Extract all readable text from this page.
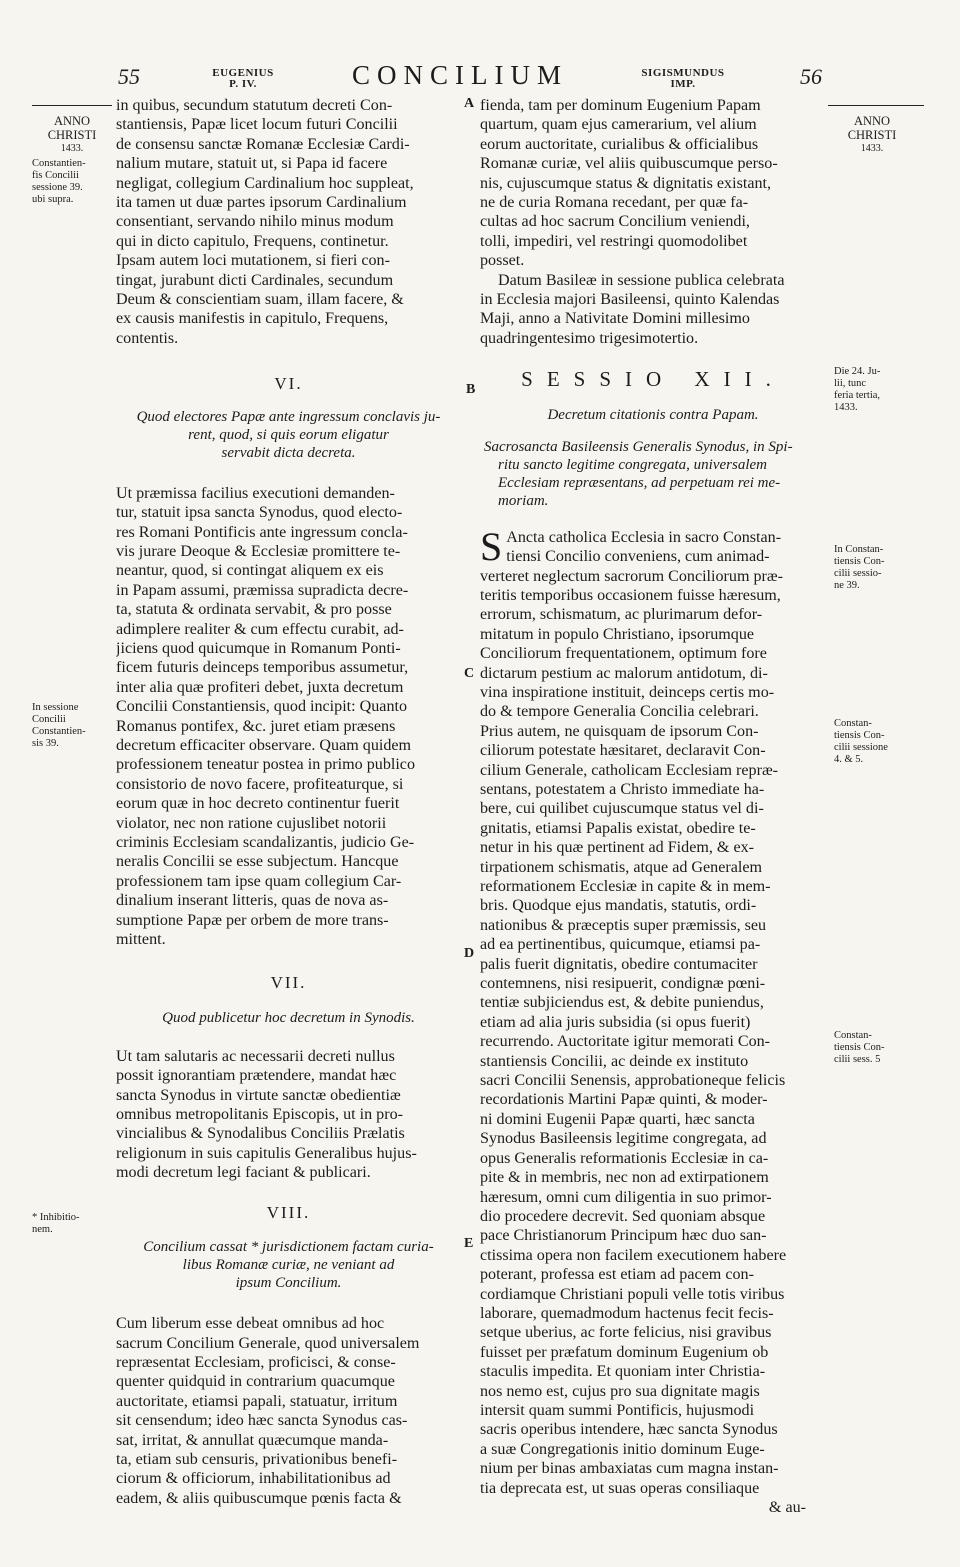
55	EUGENIUS
P. IV.	CONCILIUM	SIGISMUNDUS
IMP.	56
ANNO
CHRISTI
1433.
Constantien-
fis Concilii
sessione 39.
ubi supra.
In sessione
Concilii
Constantien-
sis 39.
* Inhibitio-
nem.
ANNO
CHRISTI
1433.
Die 24. Ju-
lii, tunc
feria tertia,
1433.
In Constan-
tiensis Con-
cilii sessio-
ne 39.
Constan-
tiensis Con-
cilii sessione
4. & 5.
Constan-
tiensis Con-
cilii sess. 5
A
B
C
D
E
in quibus, secundum statutum decreti Con-
stantiensis, Papæ licet locum futuri Concilii
de consensu sanctæ Romanæ Ecclesiæ Cardi-
nalium mutare, statuit ut, si Papa id facere
negligat, collegium Cardinalium hoc suppleat,
ita tamen ut duæ partes ipsorum Cardinalium
consentiant, servando nihilo minus modum
qui in dicto capitulo, Frequens, continetur.
Ipsam autem loci mutationem, si fieri con-
tingat, jurabunt dicti Cardinales, secundum
Deum & conscientiam suam, illam facere, &
ex causis manifestis in capitulo, Frequens,
contentis.
VI.
Quod electores Papæ ante ingressum conclavis ju-
rent, quod, si quis eorum eligatur
servabit dicta decreta.
Ut præmissa facilius executioni demanden-
tur, statuit ipsa sancta Synodus, quod electo-
res Romani Pontificis ante ingressum concla-
vis jurare Deoque & Ecclesiæ promittere te-
neantur, quod, si contingat aliquem ex eis
in Papam assumi, præmissa supradicta decre-
ta, statuta & ordinata servabit, & pro posse
adimplere realiter & cum effectu curabit, ad-
jiciens quod quicumque in Romanum Ponti-
ficem futuris deinceps temporibus assumetur,
inter alia quæ profiteri debet, juxta decretum
Concilii Constantiensis, quod incipit: Quanto
Romanus pontifex, &c. juret etiam præsens
decretum efficaciter observare. Quam quidem
professionem teneatur postea in primo publico
consistorio de novo facere, profiteaturque, si
eorum quæ in hoc decreto continentur fuerit
violator, nec non ratione cujuslibet notorii
criminis Ecclesiam scandalizantis, judicio Ge-
neralis Concilii se esse subjectum. Hancque
professionem tam ipse quam collegium Car-
dinalium inserant litteris, quas de nova as-
sumptione Papæ per orbem de more trans-
mittent.
VII.
Quod publicetur hoc decretum in Synodis.
Ut tam salutaris ac necessarii decreti nullus
possit ignorantiam prætendere, mandat hæc
sancta Synodus in virtute sanctæ obedientiæ
omnibus metropolitanis Episcopis, ut in pro-
vincialibus & Synodalibus Conciliis Prælatis
religionum in suis capitulis Generalibus hujus-
modi decretum legi faciant & publicari.
VIII.
Concilium cassat * jurisdictionem factam curia-
libus Romanæ curiæ, ne veniant ad
ipsum Concilium.
Cum liberum esse debeat omnibus ad hoc
sacrum Concilium Generale, quod universalem
repræsentat Ecclesiam, proficisci, & conse-
quenter quidquid in contrarium quacumque
auctoritate, etiamsi papali, statuatur, irritum
sit censendum; ideo hæc sancta Synodus cas-
sat, irritat, & annullat quæcumque manda-
ta, etiam sub censuris, privationibus benefi-
ciorum & officiorum, inhabilitationibus ad
eadem, & aliis quibuscumque pœnis facta &
fienda, tam per dominum Eugenium Papam
quartum, quam ejus camerarium, vel alium
eorum auctoritate, curialibus & officialibus
Romanæ curiæ, vel aliis quibuscumque perso-
nis, cujuscumque status & dignitatis existant,
ne de curia Romana recedant, per quæ fa-
cultas ad hoc sacrum Concilium veniendi,
tolli, impediri, vel restringi quomodolibet
posset.
Datum Basileæ in sessione publica celebrata
in Ecclesia majori Basileensi, quinto Kalendas
Maji, anno a Nativitate Domini millesimo
quadringentesimo trigesimotertio.
SESSIO XII.
Decretum citationis contra Papam.
Sacrosancta Basileensis Generalis Synodus, in Spi-
ritu sancto legitime congregata, universalem
Ecclesiam repræsentans, ad perpetuam rei me-
moriam.
S Ancta catholica Ecclesia in sacro Constan-
tiensi Concilio conveniens, cum animad-
verteret neglectum sacrorum Conciliorum præ-
teritis temporibus occasionem fuisse hæresum,
errorum, schismatum, ac plurimarum defor-
mitatum in populo Christiano, ipsorumque
Conciliorum frequentationem, optimum fore
dictarum pestium ac malorum antidotum, di-
vina inspiratione instituit, deinceps certis mo-
do & tempore Generalia Concilia celebrari.
Prius autem, ne quisquam de ipsorum Con-
ciliorum potestate hæsitaret, declaravit Con-
cilium Generale, catholicam Ecclesiam repræ-
sentans, potestatem a Christo immediate ha-
bere, cui quilibet cujuscumque status vel di-
gnitatis, etiamsi Papalis existat, obedire te-
netur in his quæ pertinent ad Fidem, & ex-
tirpationem schismatis, atque ad Generalem
reformationem Ecclesiæ in capite & in mem-
bris. Quodque ejus mandatis, statutis, ordi-
nationibus & præceptis super præmissis, seu
ad ea pertinentibus, quicumque, etiamsi pa-
palis fuerit dignitatis, obedire contumaciter
contemnens, nisi resipuerit, condignæ pœni-
tentiæ subjiciendus est, & debite puniendus,
etiam ad alia juris subsidia (si opus fuerit)
recurrendo. Auctoritate igitur memorati Con-
stantiensis Concilii, ac deinde ex instituto
sacri Concilii Senensis, approbationeque felicis
recordationis Martini Papæ quinti, & moder-
ni domini Eugenii Papæ quarti, hæc sancta
Synodus Basileensis legitime congregata, ad
opus Generalis reformationis Ecclesiæ in ca-
pite & in membris, nec non ad extirpationem
hæresum, omni cum diligentia in suo primor-
dio procedere decrevit. Sed quoniam absque
pace Christianorum Principum hæc duo san-
ctissima opera non facilem executionem habere
poterant, professa est etiam ad pacem con-
cordiamque Christiani populi velle totis viribus
laborare, quemadmodum hactenus fecit fecis-
setque uberius, ac forte felicius, nisi gravibus
fuisset per præfatum dominum Eugenium ob
staculis impedita. Et quoniam inter Christia-
nos nemo est, cujus pro sua dignitate magis
intersit quam summi Pontificis, hujusmodi
sacris operibus intendere, hæc sancta Synodus
a suæ Congregationis initio dominum Euge-
nium per binas ambaxiatas cum magna instan-
tia deprecata est, ut suas operas consiliaque
& au-
